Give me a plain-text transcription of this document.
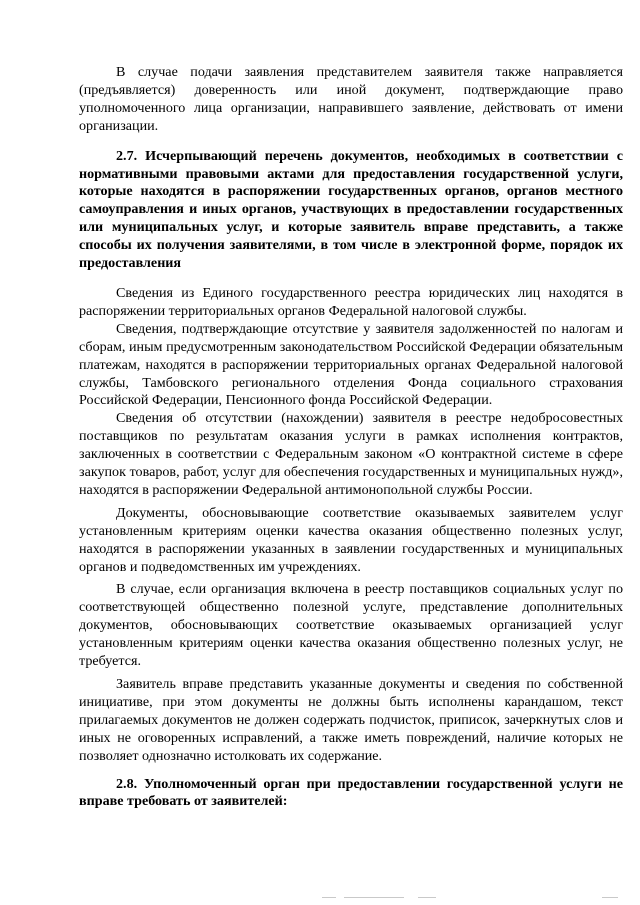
В случае подачи заявления представителем заявителя также направляется (предъявляется) доверенность или иной документ, подтверждающие право уполномоченного лица организации, направившего заявление, действовать от имени организации.

2.7. Исчерпывающий перечень документов, необходимых в соответствии с нормативными правовыми актами для предоставления государственной услуги, которые находятся в распоряжении государственных органов, органов местного самоуправления и иных органов, участвующих в предоставлении государственных или муниципальных услуг, и которые заявитель вправе представить, а также способы их получения заявителями, в том числе в электронной форме, порядок их предоставления

Сведения из Единого государственного реестра юридических лиц находятся в распоряжении территориальных органов Федеральной налоговой службы.

Сведения, подтверждающие отсутствие у заявителя задолженностей по налогам и сборам, иным предусмотренным законодательством Российской Федерации обязательным платежам, находятся в распоряжении территориальных органах Федеральной налоговой службы, Тамбовского регионального отделения Фонда социального страхования Российской Федерации, Пенсионного фонда Российской Федерации.

Сведения об отсутствии (нахождении) заявителя в реестре недобросовестных поставщиков по результатам оказания услуги в рамках исполнения контрактов, заключенных в соответствии с Федеральным законом «О контрактной системе в сфере закупок товаров, работ, услуг для обеспечения государственных и муниципальных нужд», находятся в распоряжении Федеральной антимонопольной службы России.

Документы, обосновывающие соответствие оказываемых заявителем услуг установленным критериям оценки качества оказания общественно полезных услуг, находятся в распоряжении указанных в заявлении государственных и муниципальных органов и подведомственных им учреждениях.

В случае, если организация включена в реестр поставщиков социальных услуг по соответствующей общественно полезной услуге, представление дополнительных документов, обосновывающих соответствие оказываемых организацией услуг установленным критериям оценки качества оказания общественно полезных услуг, не требуется.

Заявитель вправе представить указанные документы и сведения по собственной инициативе, при этом документы не должны быть исполнены карандашом, текст прилагаемых документов не должен содержать подчисток, приписок, зачеркнутых слов и иных не оговоренных исправлений, а также иметь повреждений, наличие которых не позволяет однозначно истолковать их содержание.

2.8. Уполномоченный орган при предоставлении государственной услуги не вправе требовать от заявителей:
